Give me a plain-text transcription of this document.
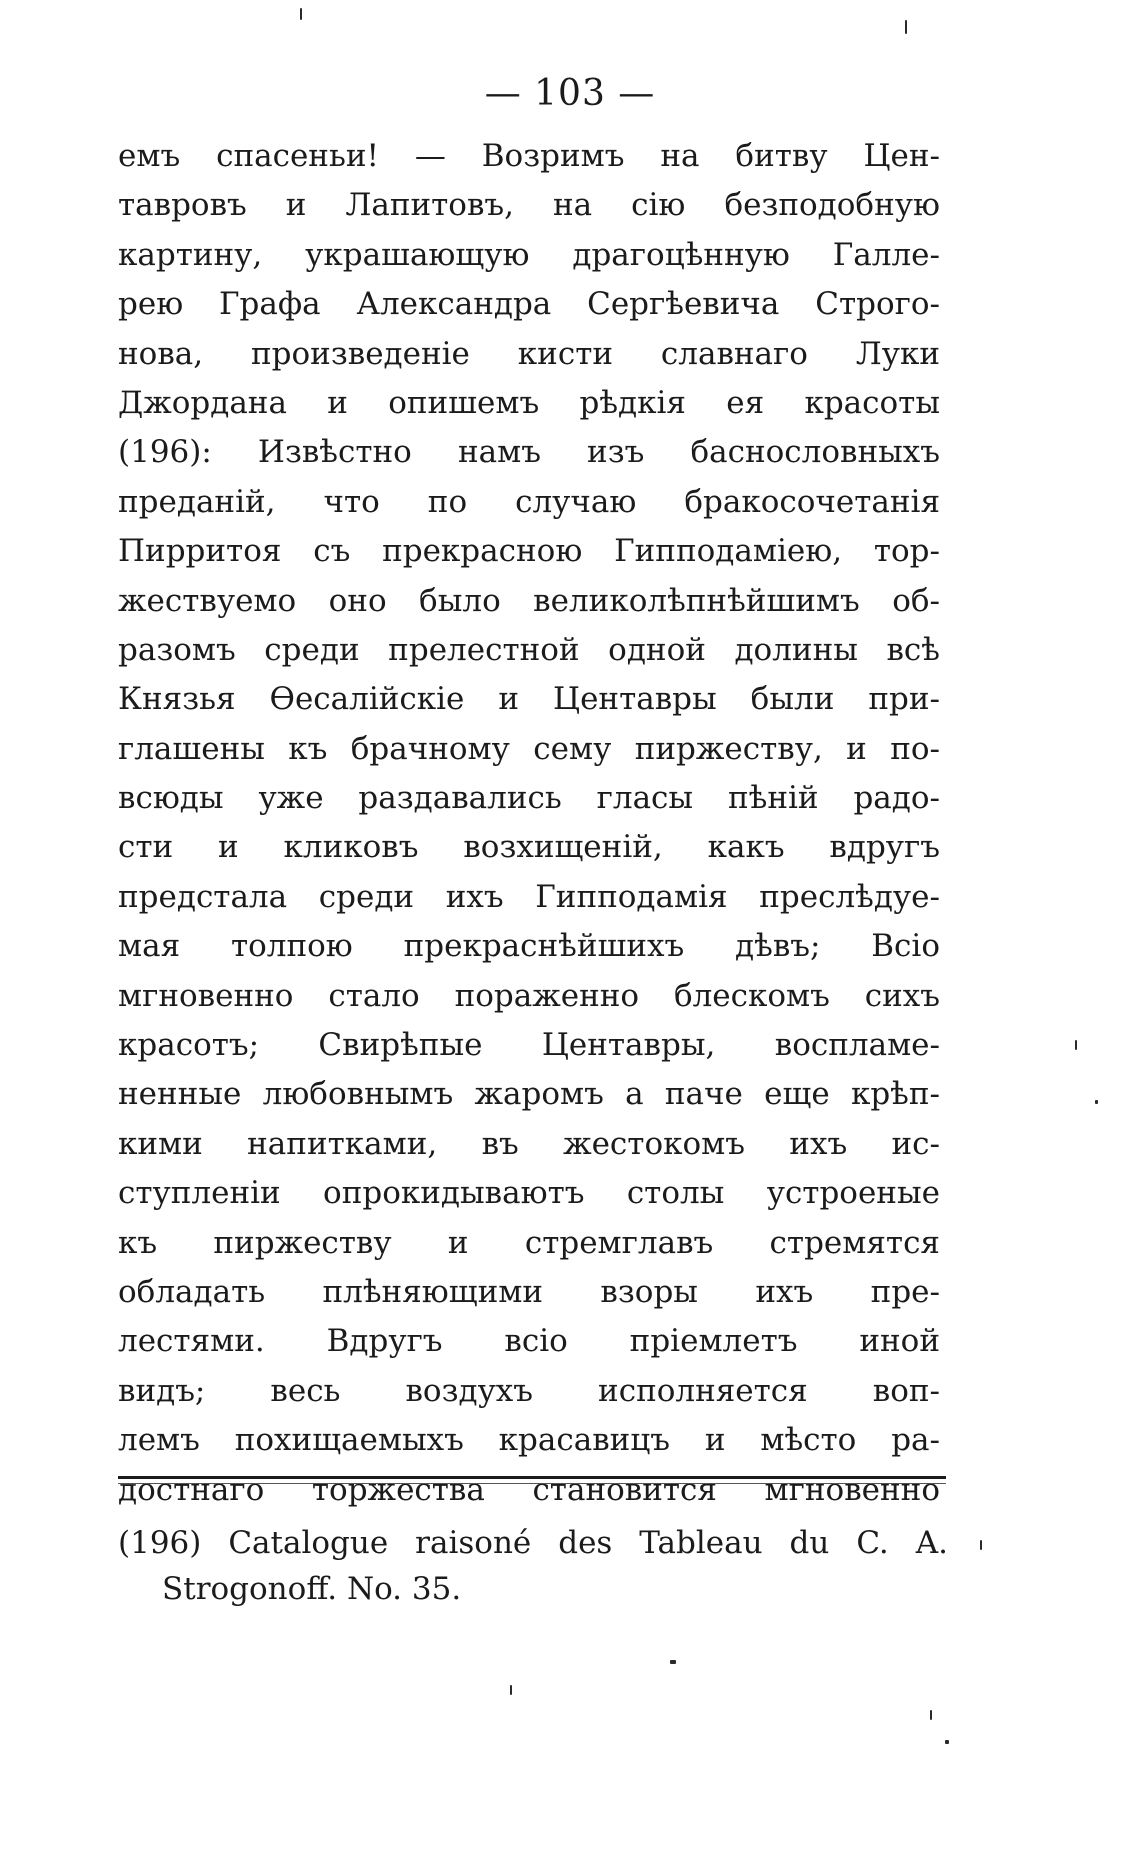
— 103 —
емъ спасеньи! — Возримъ на битву Цен-
тавровъ и Лапитовъ, на сію безподобную
картину, украшающую драгоцѣнную Галле-
рею Графа Александра Сергѣевича Строго-
нова, произведеніе кисти славнаго Луки
Джордана и опишемъ рѣдкія ея красоты
(196): Извѣстно намъ изъ баснословныхъ
преданій, что по случаю бракосочетанія
Пирритоя съ прекрасною Гипподаміею, тор-
жествуемо оно было великолѣпнѣйшимъ об-
разомъ среди прелестной одной долины всѣ
Князья Ѳесалійскіе и Центавры были при-
глашены къ брачному сему пиржеству, и по-
всюды уже раздавались гласы пѣній радо-
сти и кликовъ возхищеній, какъ вдругъ
предстала среди ихъ Гипподамія преслѣдуе-
мая толпою прекраснѣйшихъ дѣвъ; Всіо
мгновенно стало пораженно блескомъ сихъ
красотъ; Свирѣпые Центавры, воспламе-
ненные любовнымъ жаромъ а паче еще крѣп-
кими напитками, въ жестокомъ ихъ ис-
ступленіи опрокидываютъ столы устроеные
къ пиржеству и стремглавъ стремятся
обладать плѣняющими взоры ихъ пре-
лестями. Вдругъ всіо пріемлетъ иной
видъ; весь воздухъ исполняется воп-
лемъ похищаемыхъ красавицъ и мѣсто ра-
достнаго торжества становится мгновенно
(196) Catalogue raisoné des Tableau du C. A.
Strogonoff. No. 35.
